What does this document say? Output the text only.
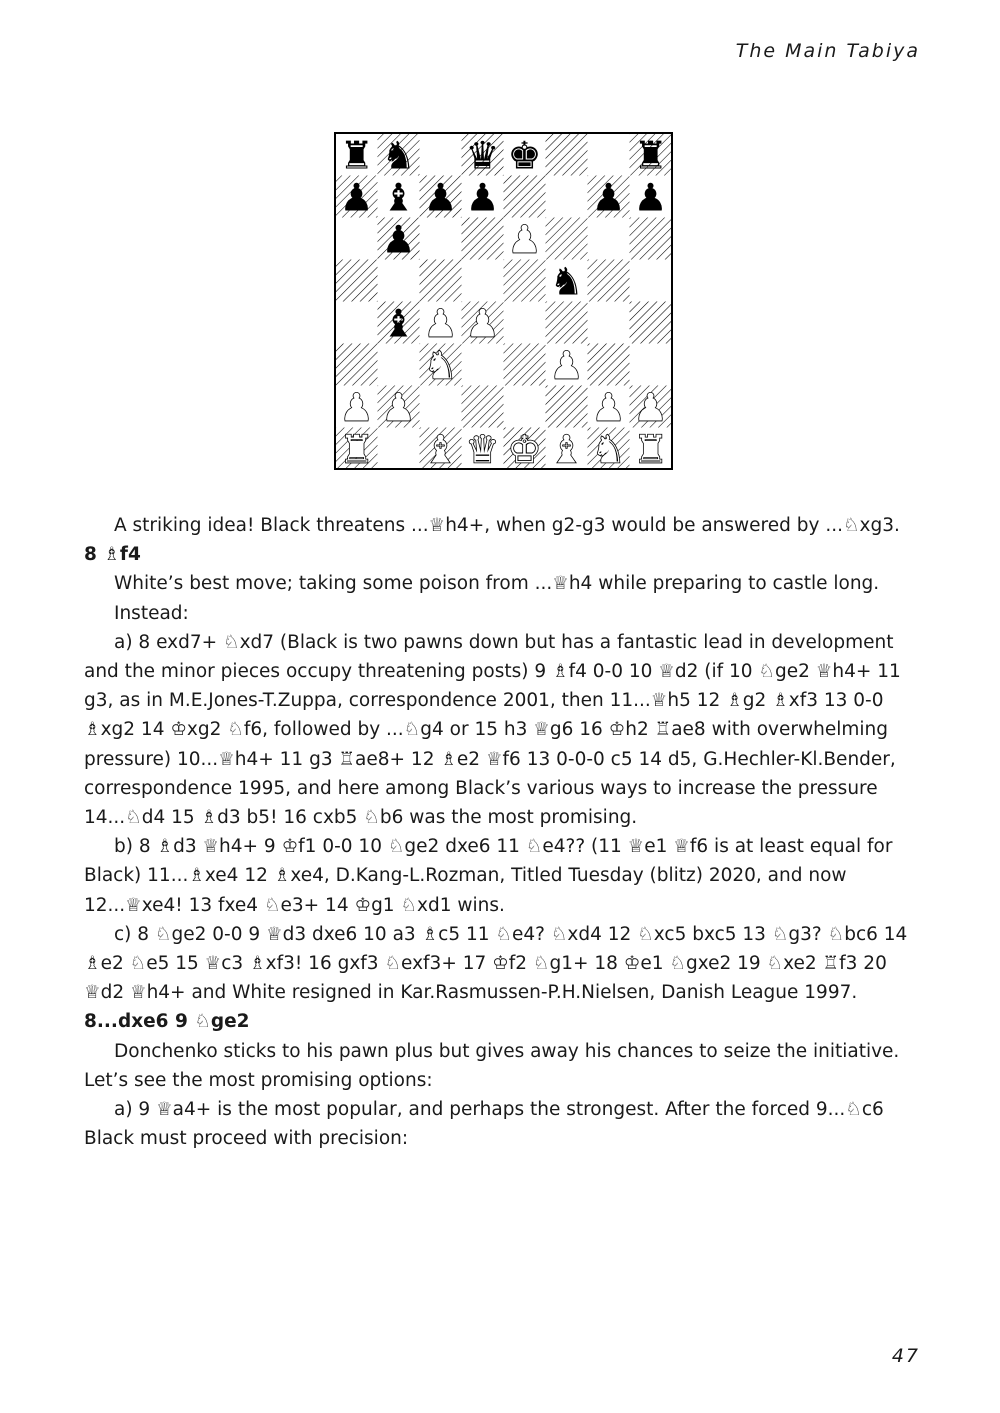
The Main Tabiya
♜ ♞ ♛ ♚ ♜
♟ ♝ ♟ ♟ ♟ ♟
♟ ♟
♞
♝ ♟ ♟
♞ ♟
♟ ♟	♟ ♟
♜ ♝ ♛ ♚ ♝ ♞ ♜

A striking idea! Black threatens ...♕h4+, when g2-g3 would be answered by ...♘xg3.

8 ♗f4

White’s best move; taking some poison from ...♕h4 while preparing to castle long.

Instead:

a) 8 exd7+ ♘xd7 (Black is two pawns down but has a fantastic lead in development and the minor pieces occupy threatening posts) 9 ♗f4 0-0 10 ♕d2 (if 10 ♘ge2 ♕h4+ 11 g3, as in M.E.Jones-T.Zuppa, correspondence 2001, then 11...♕h5 12 ♗g2 ♗xf3 13 0-0 ♗xg2 14 ♔xg2 ♘f6, followed by ...♘g4 or 15 h3 ♕g6 16 ♔h2 ♖ae8 with overwhelming pressure) 10...♕h4+ 11 g3 ♖ae8+ 12 ♗e2 ♕f6 13 0-0-0 c5 14 d5, G.Hechler-Kl.Bender, correspondence 1995, and here among Black’s various ways to increase the pressure 14...♘d4 15 ♗d3 b5! 16 cxb5 ♘b6 was the most promising.

b) 8 ♗d3 ♕h4+ 9 ♔f1 0-0 10 ♘ge2 dxe6 11 ♘e4?? (11 ♕e1 ♕f6 is at least equal for Black) 11...♗xe4 12 ♗xe4, D.Kang-L.Rozman, Titled Tuesday (blitz) 2020, and now 12...♕xe4! 13 fxe4 ♘e3+ 14 ♔g1 ♘xd1 wins.

c) 8 ♘ge2 0-0 9 ♕d3 dxe6 10 a3 ♗c5 11 ♘e4? ♘xd4 12 ♘xc5 bxc5 13 ♘g3? ♘bc6 14 ♗e2 ♘e5 15 ♕c3 ♗xf3! 16 gxf3 ♘exf3+ 17 ♔f2 ♘g1+ 18 ♔e1 ♘gxe2 19 ♘xe2 ♖f3 20 ♕d2 ♕h4+ and White resigned in Kar.Rasmussen-P.H.Nielsen, Danish League 1997.

8...dxe6 9 ♘ge2

Donchenko sticks to his pawn plus but gives away his chances to seize the initiative. Let’s see the most promising options:

a) 9 ♕a4+ is the most popular, and perhaps the strongest. After the forced 9...♘c6 Black must proceed with precision:

47
